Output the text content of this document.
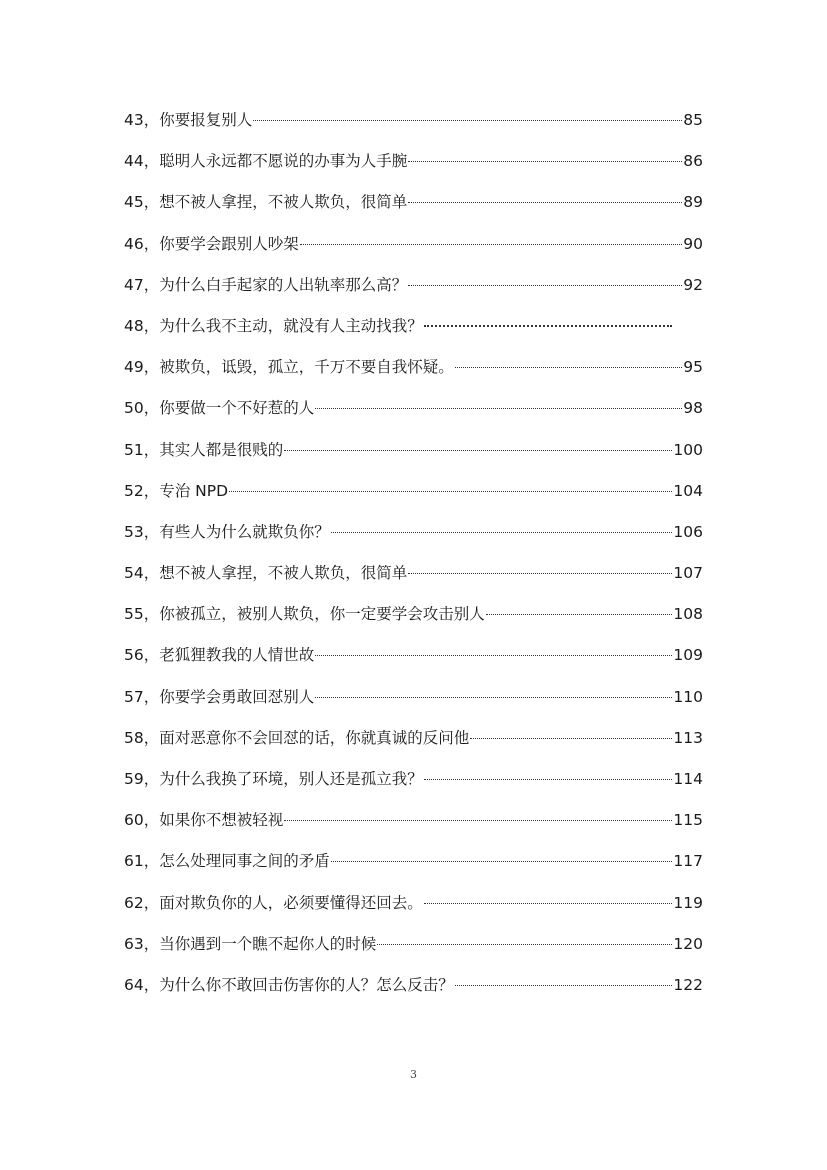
43，你要报复别人	85
44，聪明人永远都不愿说的办事为人手腕	86
45，想不被人拿捏，不被人欺负，很简单	89
46，你要学会跟别人吵架	90
47，为什么白手起家的人出轨率那么高？	92
48，为什么我不主动，就没有人主动找我？
49，被欺负，诋毁，孤立，千万不要自我怀疑。	95
50，你要做一个不好惹的人	98
51，其实人都是很贱的	100
52，专治 NPD	104
53，有些人为什么就欺负你？	106
54，想不被人拿捏，不被人欺负，很简单	107
55，你被孤立，被别人欺负，你一定要学会攻击别人	108
56，老狐狸教我的人情世故	109
57，你要学会勇敢回怼别人	110
58，面对恶意你不会回怼的话，你就真诚的反问他	113
59，为什么我换了环境，别人还是孤立我？	114
60，如果你不想被轻视	115
61，怎么处理同事之间的矛盾	117
62，面对欺负你的人，必须要懂得还回去。	119
63，当你遇到一个瞧不起你人的时候	120
64，为什么你不敢回击伤害你的人？怎么反击？	122
3
